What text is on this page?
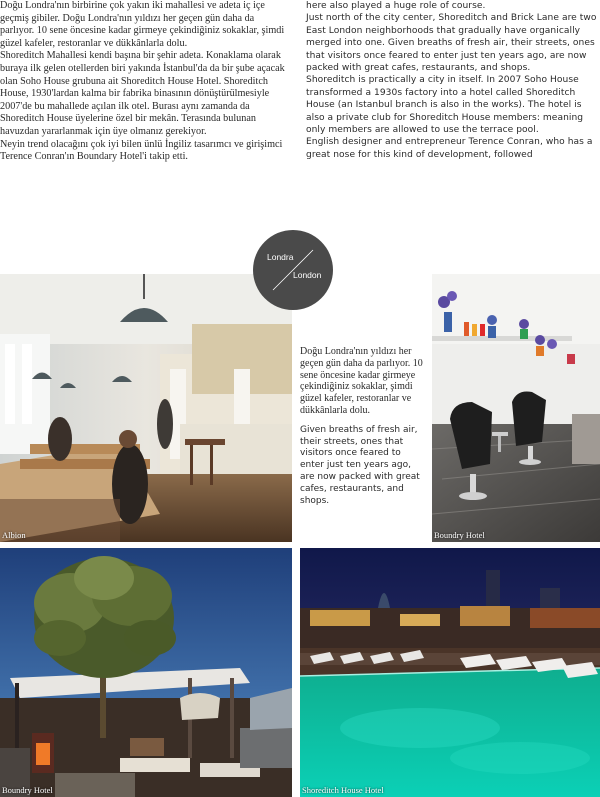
Doğu Londra'nın birbirine çok yakın iki mahallesi ve adeta iç içe geçmiş gibiler. Doğu Londra'nın yıldızı her geçen gün daha da parlıyor. 10 sene öncesine kadar girmeye çekindiğiniz sokaklar, şimdi güzel kafeler, restoranlar ve dükkânlarla dolu.

Shoreditch Mahallesi kendi başına bir şehir adeta. Konaklama olarak buraya ilk gelen otellerden biri yakında İstanbul'da da bir şube açacak olan Soho House grubuna ait Shoreditch House Hotel. Shoreditch House, 1930'lardan kalma bir fabrika binasının dönüştürülmesiyle 2007'de bu mahallede açılan ilk otel. Burası aynı zamanda da Shoreditch House üyelerine özel bir mekân. Terasında bulunan havuzdan yararlanmak için üye olmanız gerekiyor.

Neyin trend olacağını çok iyi bilen ünlü İngiliz tasarımcı ve girişimci Terence Conran'ın Boundary Hotel'i takip etti.

here also played a huge role of course.

Just north of the city center, Shoreditch and Brick Lane are two East London neighborhoods that gradually have organically merged into one. Given breaths of fresh air, their streets, ones that visitors once feared to enter just ten years ago, are now packed with great cafes, restaurants, and shops.

Shoreditch is practically a city in itself. In 2007 Soho House transformed a 1930s factory into a hotel called Shoreditch House (an Istanbul branch is also in the works). The hotel is also a private club for Shoreditch House members: meaning only members are allowed to use the terrace pool.

English designer and entrepreneur Terence Conran, who has a great nose for this kind of development, followed

Albion

Doğu Londra'nın yıldızı her geçen gün daha da parlıyor. 10 sene öncesine kadar girmeye çekindiğiniz sokaklar, şimdi güzel kafeler, restoranlar ve dükkânlarla dolu.

Given breaths of fresh air, their streets, ones that visitors once feared to enter just ten years ago, are now packed with great cafes, restaurants, and shops.

Boundry Hotel
Boundry Hotel	Shoreditch House Hotel
Londra
London
